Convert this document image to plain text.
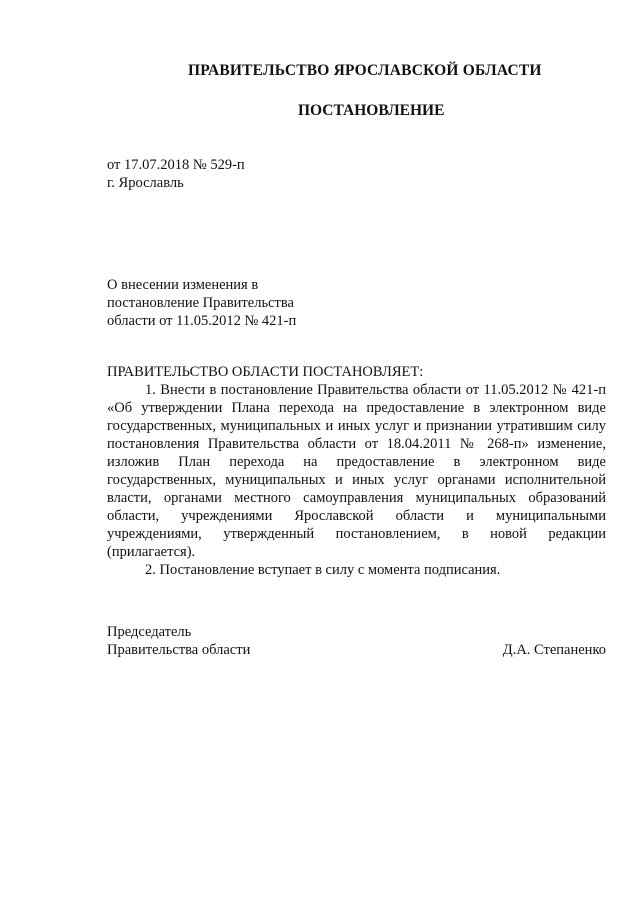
ПРАВИТЕЛЬСТВО ЯРОСЛАВСКОЙ ОБЛАСТИ
ПОСТАНОВЛЕНИЕ
от 17.07.2018 № 529-п
г. Ярославль
О внесении изменения в
постановление Правительства
области от 11.05.2012 № 421-п
ПРАВИТЕЛЬСТВО ОБЛАСТИ ПОСТАНОВЛЯЕТ:

1. Внести в постановление Правительства области от 11.05.2012 № 421-п «Об утверждении Плана перехода на предоставление в электронном виде государственных, муниципальных и иных услуг и признании утратившим силу постановления Правительства области от 18.04.2011 № 268-п» изменение, изложив План перехода на предоставление в электронном виде государственных, муниципальных и иных услуг органами исполнительной власти, органами местного самоуправления муниципальных образований области, учреждениями Ярославской области и муниципальными учреждениями, утвержденный постановлением, в новой редакции (прилагается).

2. Постановление вступает в силу с момента подписания.

Председатель
Правительства области	Д.А. Степаненко
